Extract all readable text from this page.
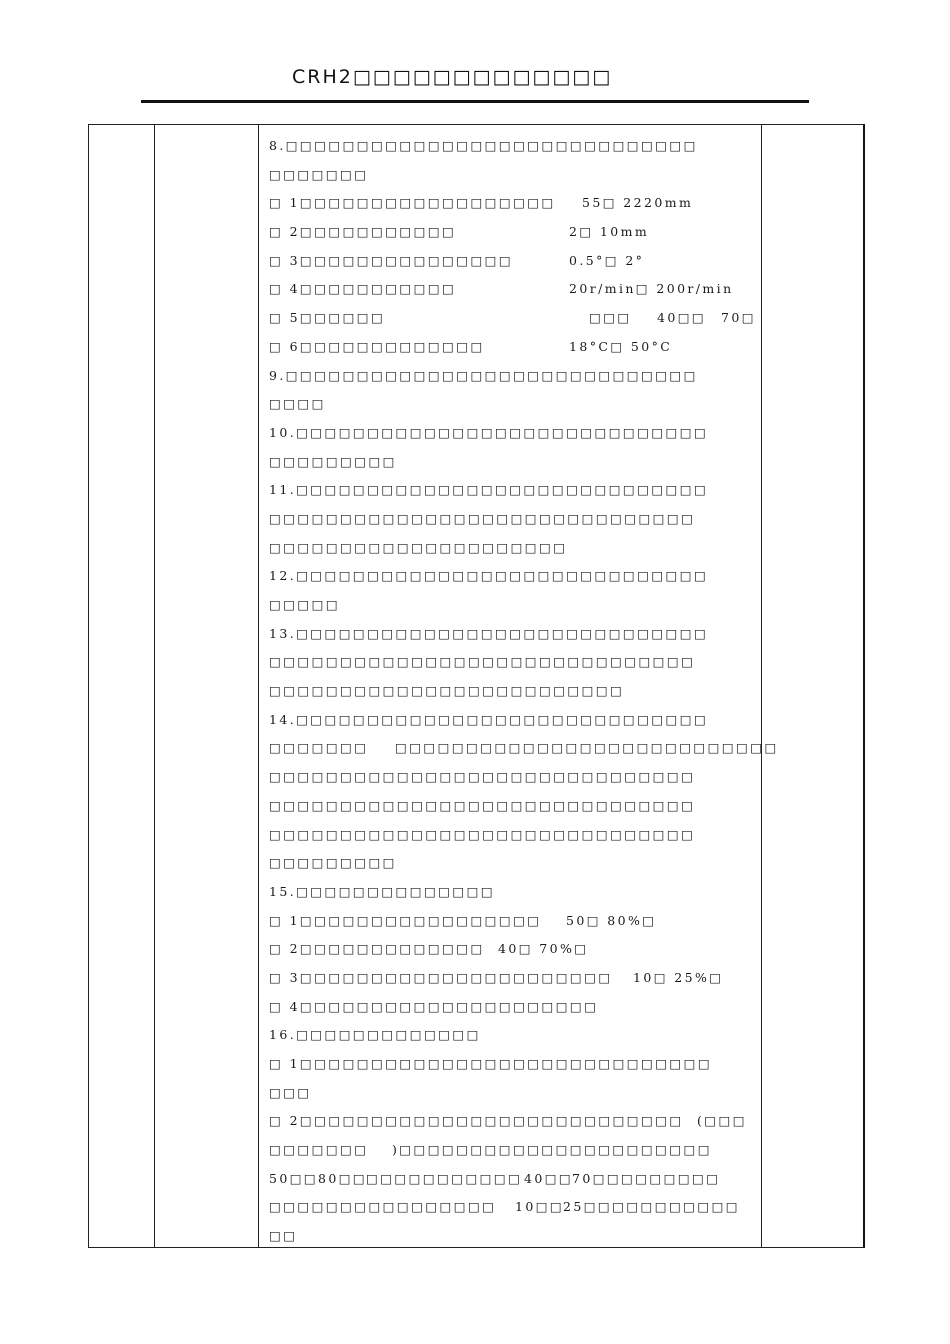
CRH2□□□□□□□□□□□□□
8.□□□□□□□□□□□□□□□□□□□□□□□□□□□□□
□□□□□□□
□ 1□□□□□□□□□□□□□□□□□□ 55□ 2220mm
□ 2□□□□□□□□□□□	2□ 10mm
□ 3□□□□□□□□□□□□□□□	0.5°□ 2°
□ 4□□□□□□□□□□□	20r/min□ 200r/min
□ 5□□□□□□	□□□ 40□□ 70□
□ 6□□□□□□□□□□□□□	18°C□ 50°C
9.□□□□□□□□□□□□□□□□□□□□□□□□□□□□□
□□□□
10.□□□□□□□□□□□□□□□□□□□□□□□□□□□□□
□□□□□□□□□
11.□□□□□□□□□□□□□□□□□□□□□□□□□□□□□
□□□□□□□□□□□□□□□□□□□□□□□□□□□□□□
□□□□□□□□□□□□□□□□□□□□□
12.□□□□□□□□□□□□□□□□□□□□□□□□□□□□□
□□□□□
13.□□□□□□□□□□□□□□□□□□□□□□□□□□□□□
□□□□□□□□□□□□□□□□□□□□□□□□□□□□□□
□□□□□□□□□□□□□□□□□□□□□□□□□
14.□□□□□□□□□□□□□□□□□□□□□□□□□□□□□
□□□□□□□ □□□□□□□□□□□□□□□□□□□□□□□□□□□
□□□□□□□□□□□□□□□□□□□□□□□□□□□□□□
□□□□□□□□□□□□□□□□□□□□□□□□□□□□□□
□□□□□□□□□□□□□□□□□□□□□□□□□□□□□□
□□□□□□□□□
15.□□□□□□□□□□□□□□
□ 1□□□□□□□□□□□□□□□□□ 50□ 80%□
□ 2□□□□□□□□□□□□□ 40□ 70%□
□ 3□□□□□□□□□□□□□□□□□□□□□□ 10□ 25%□
□ 4□□□□□□□□□□□□□□□□□□□□□
16.□□□□□□□□□□□□□
□ 1□□□□□□□□□□□□□□□□□□□□□□□□□□□□□
□□□
□ 2□□□□□□□□□□□□□□□□□□□□□□□□□□□ (□□□
□□□□□□□ )□□□□□□□□□□□□□□□□□□□□□□
50□□ 80□□
□□□□□□□□□□□ 40□□
70□□ □□□□□□□
□□□□□□□□□□□□□□□□ 10□□
25□□□□□□□□□□□
□□
